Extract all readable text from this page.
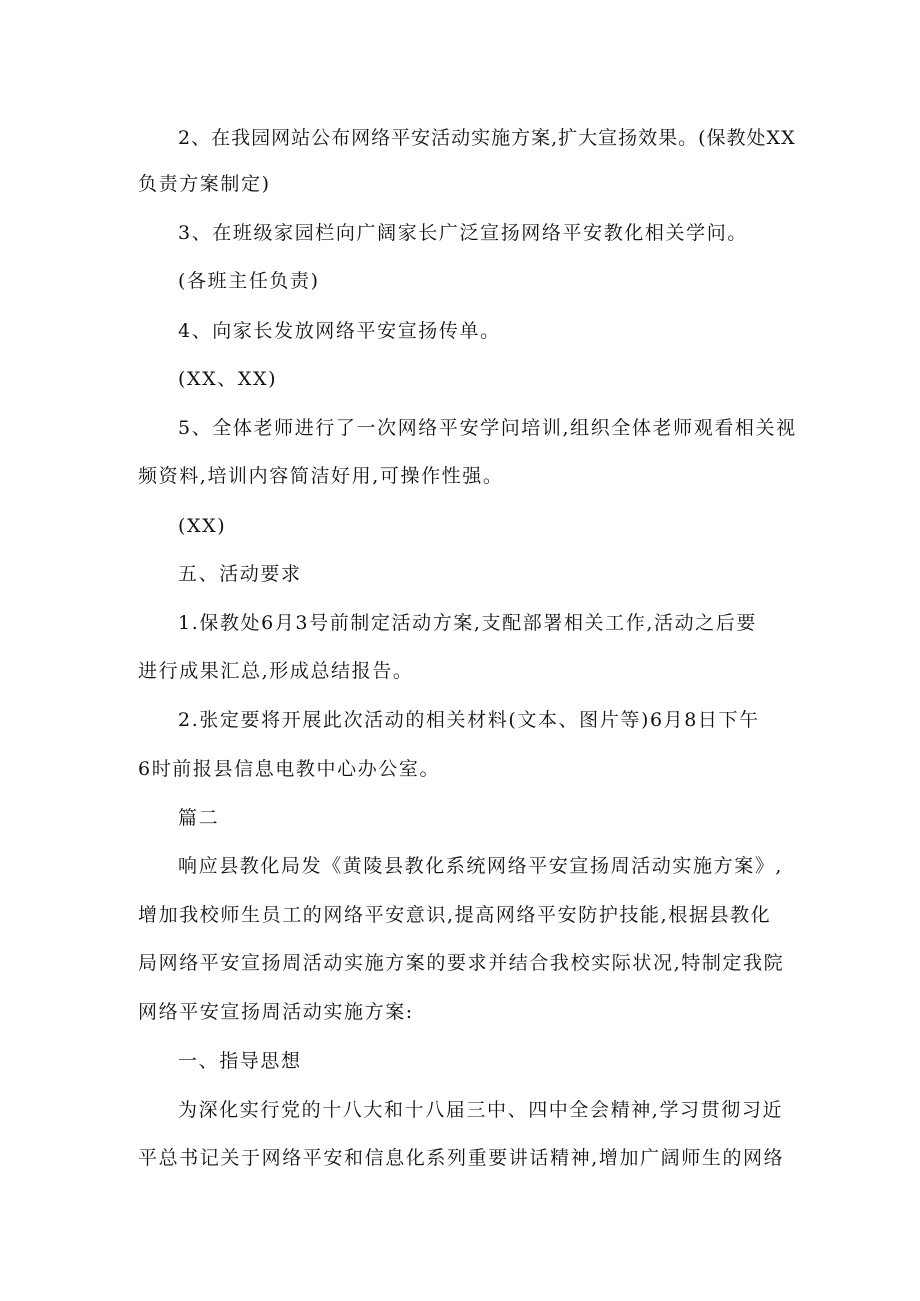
2、在我园网站公布网络平安活动实施方案,扩大宣扬效果。(保教处XX

负责方案制定)

3、在班级家园栏向广阔家长广泛宣扬网络平安教化相关学问。

(各班主任负责)

4、向家长发放网络平安宣扬传单。

(XX、XX)

5、全体老师进行了一次网络平安学问培训,组织全体老师观看相关视

频资料,培训内容简洁好用,可操作性强。

(XX)

五、活动要求

1.保教处6月3号前制定活动方案,支配部署相关工作,活动之后要

进行成果汇总,形成总结报告。

2.张定要将开展此次活动的相关材料(文本、图片等)6月8日下午

6时前报县信息电教中心办公室。

篇二

响应县教化局发《黄陵县教化系统网络平安宣扬周活动实施方案》,

增加我校师生员工的网络平安意识,提高网络平安防护技能,根据县教化

局网络平安宣扬周活动实施方案的要求并结合我校实际状况,特制定我院

网络平安宣扬周活动实施方案:

一、指导思想

为深化实行党的十八大和十八届三中、四中全会精神,学习贯彻习近

平总书记关于网络平安和信息化系列重要讲话精神,增加广阔师生的网络
